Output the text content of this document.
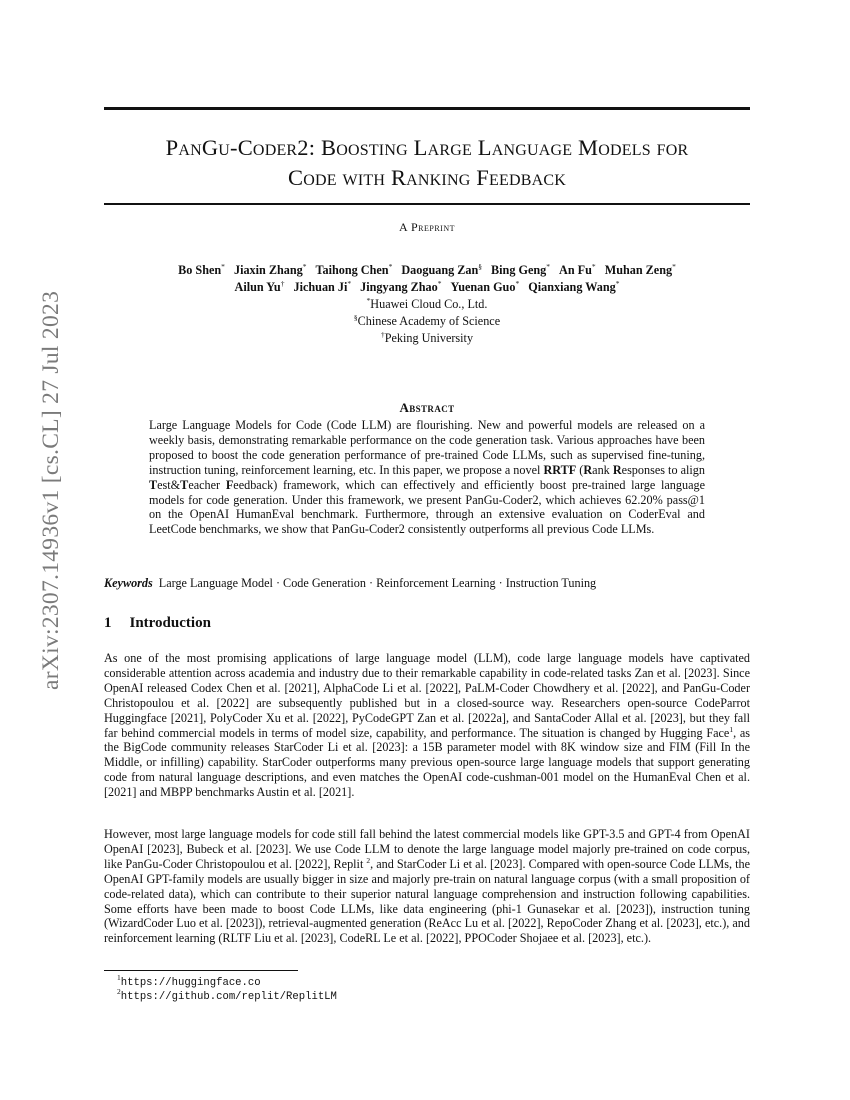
arXiv:2307.14936v1 [cs.CL] 27 Jul 2023
PanGu-Coder2: Boosting Large Language Models for
Code with Ranking Feedback
A Preprint
Bo Shen* Jiaxin Zhang* Taihong Chen* Daoguang Zan§ Bing Geng* An Fu* Muhan Zeng*
Ailun Yu† Jichuan Ji* Jingyang Zhao* Yuenan Guo* Qianxiang Wang*
*Huawei Cloud Co., Ltd.
§Chinese Academy of Science
†Peking University
Abstract
Large Language Models for Code (Code LLM) are flourishing. New and powerful models are released on a weekly basis, demonstrating remarkable performance on the code generation task. Various approaches have been proposed to boost the code generation performance of pre-trained Code LLMs, such as supervised fine-tuning, instruction tuning, reinforcement learning, etc. In this paper, we propose a novel RRTF (Rank Responses to align Test&Teacher Feedback) framework, which can effectively and efficiently boost pre-trained large language models for code generation. Under this framework, we present PanGu-Coder2, which achieves 62.20% pass@1 on the OpenAI HumanEval benchmark. Furthermore, through an extensive evaluation on CoderEval and LeetCode benchmarks, we show that PanGu-Coder2 consistently outperforms all previous Code LLMs.
Keywords Large Language Model · Code Generation · Reinforcement Learning · Instruction Tuning
1 Introduction
As one of the most promising applications of large language model (LLM), code large language models have captivated considerable attention across academia and industry due to their remarkable capability in code-related tasks Zan et al. [2023]. Since OpenAI released Codex Chen et al. [2021], AlphaCode Li et al. [2022], PaLM-Coder Chowdhery et al. [2022], and PanGu-Coder Christopoulou et al. [2022] are subsequently published but in a closed-source way. Researchers open-source CodeParrot Huggingface [2021], PolyCoder Xu et al. [2022], PyCodeGPT Zan et al. [2022a], and SantaCoder Allal et al. [2023], but they fall far behind commercial models in terms of model size, capability, and performance. The situation is changed by Hugging Face$^1$, as the BigCode community releases StarCoder Li et al. [2023]: a 15B parameter model with 8K window size and FIM (Fill In the Middle, or infilling) capability. StarCoder outperforms many previous open-source large language models that support generating code from natural language descriptions, and even matches the OpenAI code-cushman-001 model on the HumanEval Chen et al. [2021] and MBPP benchmarks Austin et al. [2021].
However, most large language models for code still fall behind the latest commercial models like GPT-3.5 and GPT-4 from OpenAI OpenAI [2023], Bubeck et al. [2023]. We use Code LLM to denote the large language model majorly pre-trained on code corpus, like PanGu-Coder Christopoulou et al. [2022], Replit $^2$, and StarCoder Li et al. [2023]. Compared with open-source Code LLMs, the OpenAI GPT-family models are usually bigger in size and majorly pre-train on natural language corpus (with a small proposition of code-related data), which can contribute to their superior natural language comprehension and instruction following capabilities. Some efforts have been made to boost Code LLMs, like data engineering (phi-1 Gunasekar et al. [2023]), instruction tuning (WizardCoder Luo et al. [2023]), retrieval-augmented generation (ReAcc Lu et al. [2022], RepoCoder Zhang et al. [2023], etc.), and reinforcement learning (RLTF Liu et al. [2023], CodeRL Le et al. [2022], PPOCoder Shojaee et al. [2023], etc.).
$^1$https://huggingface.co
$^2$https://github.com/replit/ReplitLM
